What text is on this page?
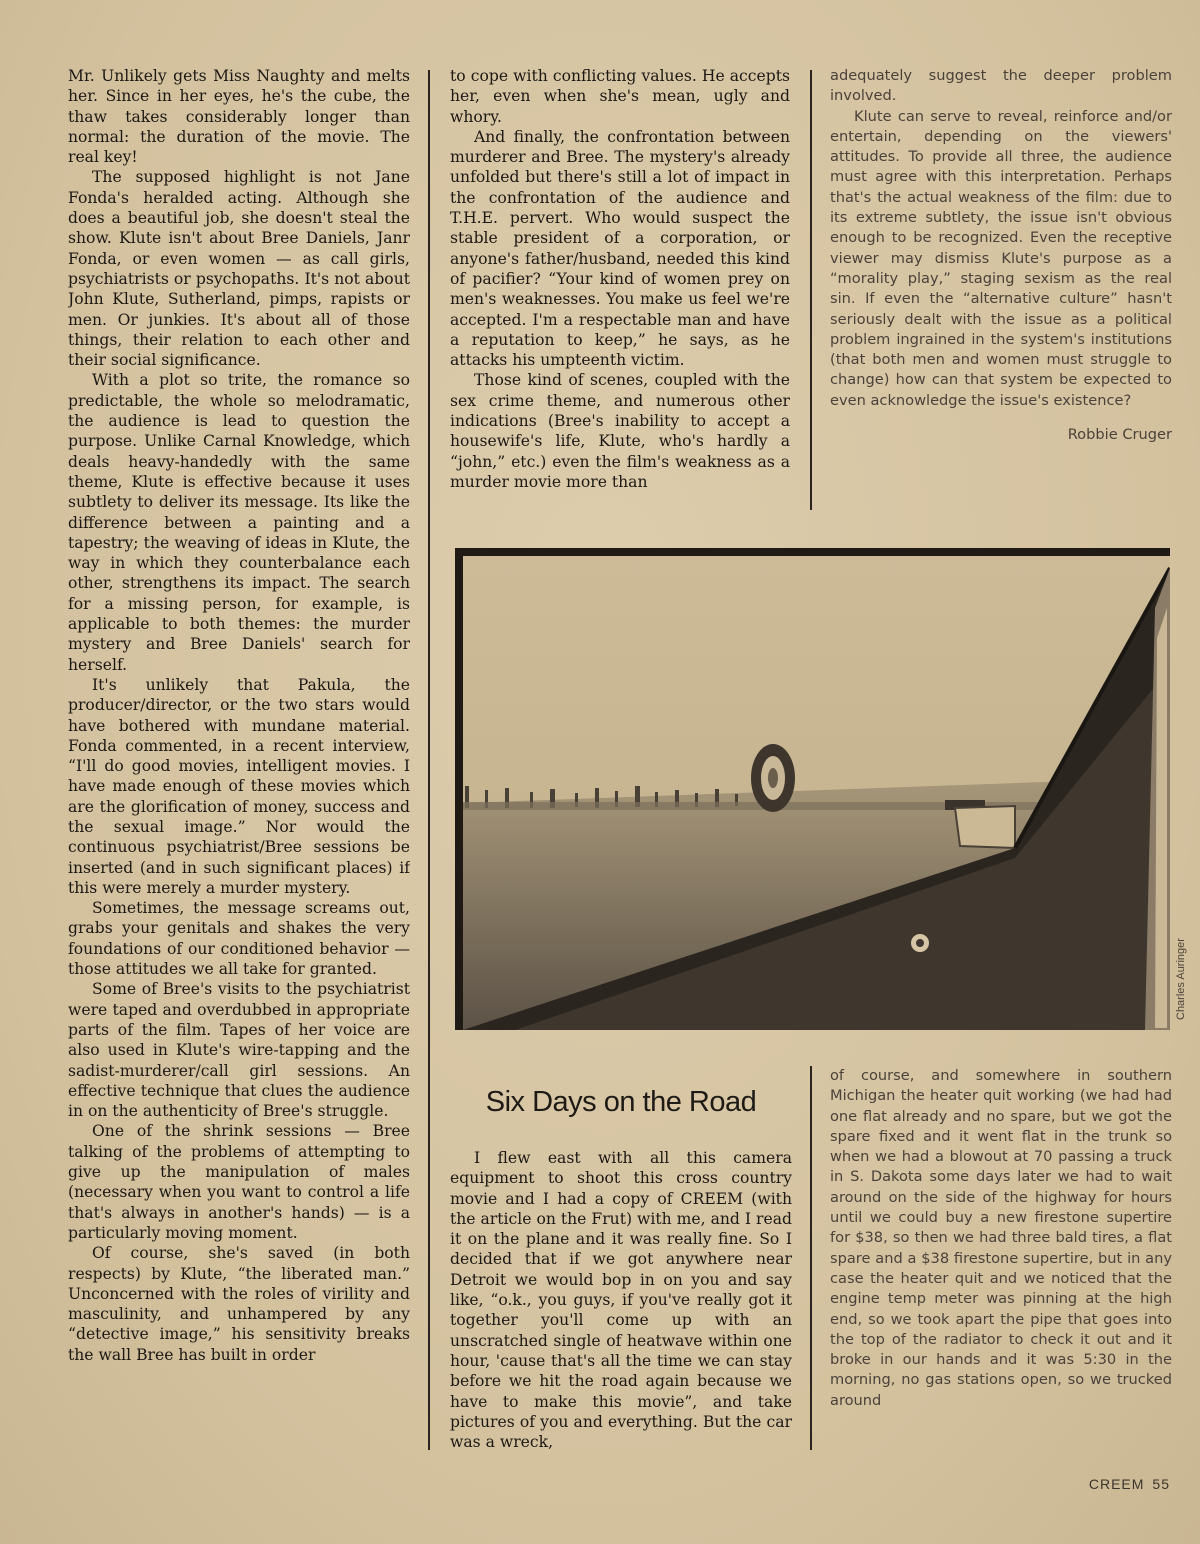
Mr. Unlikely gets Miss Naughty and melts her. Since in her eyes, he's the cube, the thaw takes considerably longer than normal: the duration of the movie. The real key!

The supposed highlight is not Jane Fonda's heralded acting. Although she does a beautiful job, she doesn't steal the show. Klute isn't about Bree Daniels, Janr Fonda, or even women — as call girls, psychiatrists or psychopaths. It's not about John Klute, Sutherland, pimps, rapists or men. Or junkies. It's about all of those things, their relation to each other and their social significance.

With a plot so trite, the romance so predictable, the whole so melodramatic, the audience is lead to question the purpose. Unlike Carnal Knowledge, which deals heavy-handedly with the same theme, Klute is effective because it uses subtlety to deliver its message. Its like the difference between a painting and a tapestry; the weaving of ideas in Klute, the way in which they counterbalance each other, strengthens its impact. The search for a missing person, for example, is applicable to both themes: the murder mystery and Bree Daniels' search for herself.

It's unlikely that Pakula, the producer/director, or the two stars would have bothered with mundane material. Fonda commented, in a recent interview, “I'll do good movies, intelligent movies. I have made enough of these movies which are the glorification of money, success and the sexual image.” Nor would the continuous psychiatrist/Bree sessions be inserted (and in such significant places) if this were merely a murder mystery.

Sometimes, the message screams out, grabs your genitals and shakes the very foundations of our conditioned behavior — those attitudes we all take for granted.

Some of Bree's visits to the psychiatrist were taped and overdubbed in appropriate parts of the film. Tapes of her voice are also used in Klute's wire-tapping and the sadist-murderer/call girl sessions. An effective technique that clues the audience in on the authenticity of Bree's struggle.

One of the shrink sessions — Bree talking of the problems of attempting to give up the manipulation of males (necessary when you want to control a life that's always in another's hands) — is a particularly moving moment.

Of course, she's saved (in both respects) by Klute, “the liberated man.” Unconcerned with the roles of virility and masculinity, and unhampered by any “detective image,” his sensitivity breaks the wall Bree has built in order

to cope with conflicting values. He accepts her, even when she's mean, ugly and whory.

And finally, the confrontation between murderer and Bree. The mystery's already unfolded but there's still a lot of impact in the confrontation of the audience and T.H.E. pervert. Who would suspect the stable president of a corporation, or anyone's father/husband, needed this kind of pacifier? “Your kind of women prey on men's weaknesses. You make us feel we're accepted. I'm a respectable man and have a reputation to keep,” he says, as he attacks his umpteenth victim.

Those kind of scenes, coupled with the sex crime theme, and numerous other indications (Bree's inability to accept a housewife's life, Klute, who's hardly a “john,” etc.) even the film's weakness as a murder movie more than

adequately suggest the deeper problem involved.

Klute can serve to reveal, reinforce and/or entertain, depending on the viewers' attitudes. To provide all three, the audience must agree with this interpretation. Perhaps that's the actual weakness of the film: due to its extreme subtlety, the issue isn't obvious enough to be recognized. Even the receptive viewer may dismiss Klute's purpose as a “morality play,” staging sexism as the real sin. If even the “alternative culture” hasn't seriously dealt with the issue as a political problem ingrained in the system's institutions (that both men and women must struggle to change) how can that system be expected to even acknowledge the issue's existence?

Robbie Cruger

Charles Auringer
Six Days on the Road

I flew east with all this camera equipment to shoot this cross country movie and I had a copy of CREEM (with the article on the Frut) with me, and I read it on the plane and it was really fine. So I decided that if we got anywhere near Detroit we would bop in on you and say like, “o.k., you guys, if you've really got it together you'll come up with an unscratched single of heatwave within one hour, 'cause that's all the time we can stay before we hit the road again because we have to make this movie”, and take pictures of you and everything. But the car was a wreck,

of course, and somewhere in southern Michigan the heater quit working (we had had one flat already and no spare, but we got the spare fixed and it went flat in the trunk so when we had a blowout at 70 passing a truck in S. Dakota some days later we had to wait around on the side of the highway for hours until we could buy a new firestone supertire for $38, so then we had three bald tires, a flat spare and a $38 firestone supertire, but in any case the heater quit and we noticed that the engine temp meter was pinning at the high end, so we took apart the pipe that goes into the top of the radiator to check it out and it broke in our hands and it was 5:30 in the morning, no gas stations open, so we trucked around

CREEM 55
